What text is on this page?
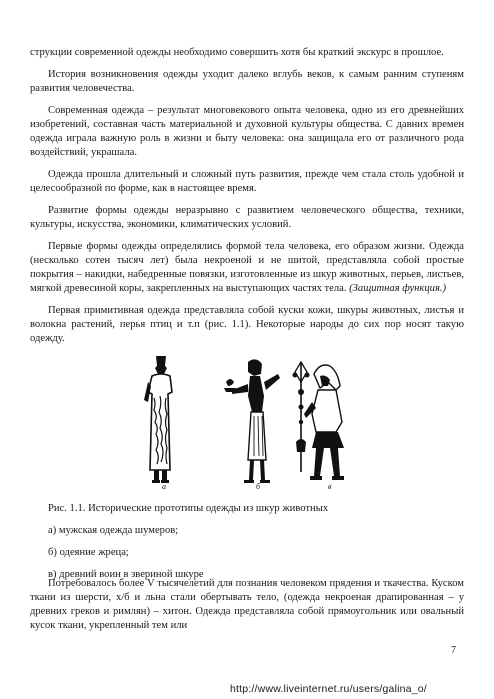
струкции современной одежды необходимо совершить хотя бы краткий экскурс в прошлое.

История возникновения одежды уходит далеко вглубь веков, к самым ранним ступеням развития человечества.

Современная одежда – результат многовекового опыта человека, одно из его древнейших изобретений, составная часть материальной и духовной культуры общества. С давних времен одежда играла важную роль в жизни и быту человека: она защищала его от различного рода воздействий, украшала.

Одежда прошла длительный и сложный путь развития, прежде чем стала столь удобной и целесообразной по форме, как в настоящее время.

Развитие формы одежды неразрывно с развитием человеческого общества, техники, культуры, искусства, экономики, климатических условий.

Первые формы одежды определялись формой тела человека, его образом жизни. Одежда (несколько сотен тысяч лет) была некроеной и не шитой, представляла собой простые покрытия – накидки, набедренные повязки, изготовленные из шкур животных, перьев, листьев, мягкой древесиной коры, закрепленных на выступающих частях тела. (Защитная функция.)

Первая примитивная одежда представляла собой куски кожи, шкуры животных, листья и волокна растений, перья птиц и т.п (рис. 1.1). Некоторые народы до сих пор носят такую одежду.

а	б	в

Рис. 1.1. Исторические прототипы одежды из шкур животных

а) мужская одежда шумеров;

б) одеяние жреца;

в) древний воин в звериной шкуре

Потребовалось более V тысячелетий для познания человеком прядения и ткачества. Куском ткани из шерсти, х/б и льна стали обертывать тело, (одежда некроеная драпированная – у древних греков и римлян) – хитон. Одежда представляла собой прямоугольник или овальный кусок ткани, укрепленный тем или

7
http://www.liveinternet.ru/users/galina_o/
